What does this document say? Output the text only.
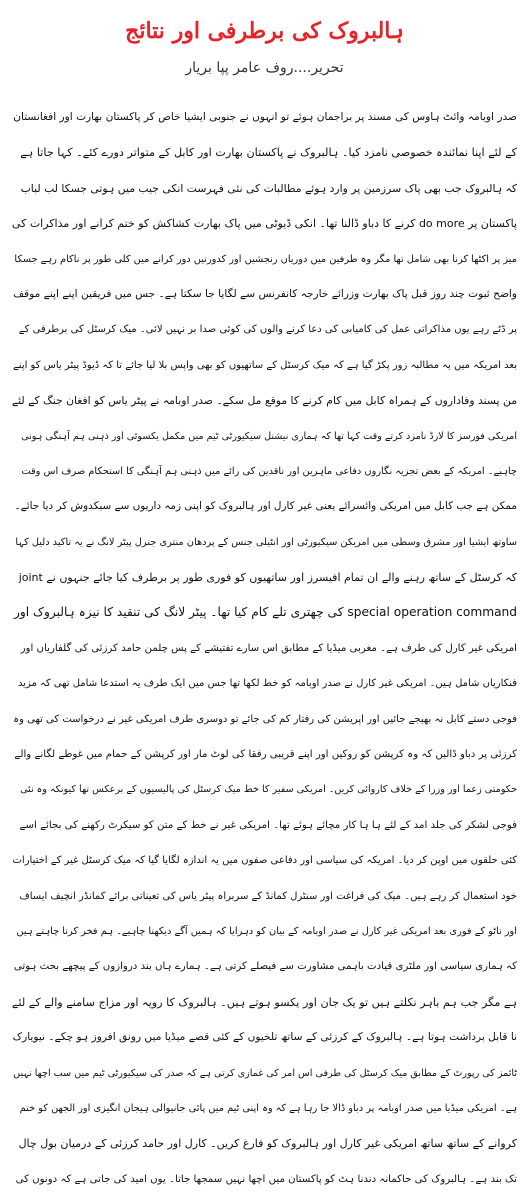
ہالبروک کی برطرفی اور نتائج
تحریر....روف عامر پپا بریار
صدر اوبامہ وائٹ ہاوس کی مسند پر براجمان ہوئے تو انہوں نے جنوبی ایشیا خاص کر پاکستان بھارت اور افغانستان
کے لئے اپنا نمائندہ خصوصی نامزد کیا۔ ہالبروک نے پاکستان بھارت اور کابل کے متواتر دورے کئے۔ کہا جاتا ہے
کہ ہالبروک جب بھی پاک سرزمین پر وارد ہوئے مطالبات کی نئی فہرست انکی جیب میں ہوتی جسکا لب لباب
پاکستان پر do more کرنے کا دباو ڈالنا تھا۔ انکی ڈیوٹی میں پاک بھارت کشاکش کو ختم کرانے اور مذاکرات کی
میز پر اکٹھا کرنا بھی شامل تھا مگر وہ طرفین میں دوریاں رنجشیں اور کدورتیں دور کرانے میں کلی طور پر ناکام رہے جسکا
واضح ثبوت چند روز قبل پاک بھارت وزرائے خارجہ کانفرنس سے لگایا جا سکتا ہے۔ جس میں فریقین اپنے اپنے موقف
پر ڈٹے رہے یوں مذاکراتی عمل کی کامیابی کی دعا کرنے والوں کی کوئی صدا بر نہیں لائی۔ میک کرسٹل کی برطرفی کے
بعد امریکہ میں یہ مطالبہ زور پکڑ گیا ہے کہ میک کرسٹل کے ساتھیوں کو بھی واپس بلا لیا جائے تا کہ ڈیوڈ پیٹر یاس کو اپنے
من پسند وفاداروں کے ہمراہ کابل میں کام کرنے کا موقع مل سکے۔ صدر اوبامہ نے پیٹر یاس کو افغان جنگ کے لئے
امریکی فورسز کا لارڈ نامزد کرتے وقت کہا تھا کہ ہماری نیشنل سیکیورٹی ٹیم میں مکمل یکسوئی اور ذہنی ہم آہنگی ہونی
چاہیے۔ امریکہ کے بعض تجزیہ نگاروں دفاعی ماہرین اور ناقدین کی رائے میں ذہنی ہم آہنگی کا استحکام صرف اس وقت
ممکن ہے جب کابل میں امریکی وائسرائے یعنی غیر کارل اور ہالبروک کو اپنی زمہ داریوں سے سبکدوش کر دیا جائے۔
ساوتھ ایشیا اور مشرق وسطی میں امریکن سیکیورٹی اور انٹیلی جنس کے پردھان منتری جنرل پیٹر لانگ نے یہ تاکید دلیل کہا
کہ کرسٹل کے ساتھ رہنے والے ان تمام افیسرز اور ساتھیوں کو فوری طور پر برطرف کیا جائے جنہوں نے joint
special operation command کی چھتری تلے کام کیا تھا۔ پیٹر لانگ کی تنقید کا نیزہ ہالبروک اور
امریکی غیر کارل کی طرف ہے۔ مغربی میڈیا کے مطابق اس سارے تفتیشے کے پس چلمن حامد کرزئی کی گلفاریاں اور
فنکاریاں شامل ہیں۔ امریکی غیر کارل نے صدر اوبامہ کو خط لکھا تھا جس میں ایک طرف یہ استدعا شامل تھی کہ مزید
فوجی دستے کابل نہ بھیجے جائیں اور اپریشن کی رفتار کم کی جائے تو دوسری طرف امریکی غیر نے درخواست کی تھی وہ
کرزئی پر دباو ڈالیں کہ وہ کرپشن کو روکیں اور اپنے قریبی رفقا کی لوٹ مار اور کرپشن کے حمام میں غوطے لگانے والے
حکومتی زعما اور وزرا کے خلاف کاروائی کریں۔ امریکی سفیر کا خط میک کرسٹل کی پالیسیوں کے برعکس تھا کیونکہ وہ نئی
فوجی لشکر کی جلد امد کے لئے ہا ہا کار مچائے ہوئے تھا۔ امریکی غیر نے خط کے متن کو سیکرٹ رکھنے کی بجائے اسے
کئی حلقوں میں اوپن کر دیا۔ امریکہ کی سیاسی اور دفاعی صفوں میں یہ اندازہ لگایا گیا کہ میک کرسٹل غیر کے اختیارات
خود استعمال کر رہے ہیں۔ میک کی فراغت اور سنٹرل کمانڈ کے سربراہ پیٹر یاس کی تعیناتی برائے کمانڈر انچیف ایساف
اور ناٹو کے فوری بعد امریکی غیر کارل نے صدر اوبامہ کے بیان کو دہرایا کہ ہمیں آگے دیکھنا چاہیے۔ ہم فخر کرنا چاہتے ہیں
کہ ہماری سیاسی اور ملٹری قیادت باہمی مشاورت سے فیصلے کرتی ہے۔ ہمارے ہاں بند دروازوں کے پیچھے بحث ہوتی
ہے مگر جب ہم باہر نکلتے ہیں تو یک جان اور یکسو ہوتے ہیں۔ ہالبروک کا رویہ اور مزاج سامنے والے کے لئے
نا قابل برداشت ہوتا ہے۔ ہالبروک کے کرزئی کے ساتھ تلخیوں کے کئی قصے میڈیا میں رونق افروز ہو چکے۔ نیویارک
ٹائمز کی رپورٹ کے مطابق میک کرسٹل کی طرفی اس امر کی غمازی کرتی ہے کہ صدر کی سیکیورٹی ٹیم میں سب اچھا نہیں
ہے۔ امریکی میڈیا میں صدر اوبامہ پر دباو ڈالا جا رہا ہے کہ وہ اپنی ٹیم میں پائی جانیوالی ہیجان انگیزی اور الجھن کو ختم
کروانے کے ساتھ ساتھ امریکی غیر کارل اور ہالبروک کو فارغ کریں۔ کارل اور حامد کرزئی کے درمیان بول چال
تک بند ہے۔ ہالبروک کی حاکمانہ دندنا ہٹ کو پاکستان میں اچھا نہیں سمجھا جاتا۔ یوں امید کی جاتی ہے کہ دونوں کی
